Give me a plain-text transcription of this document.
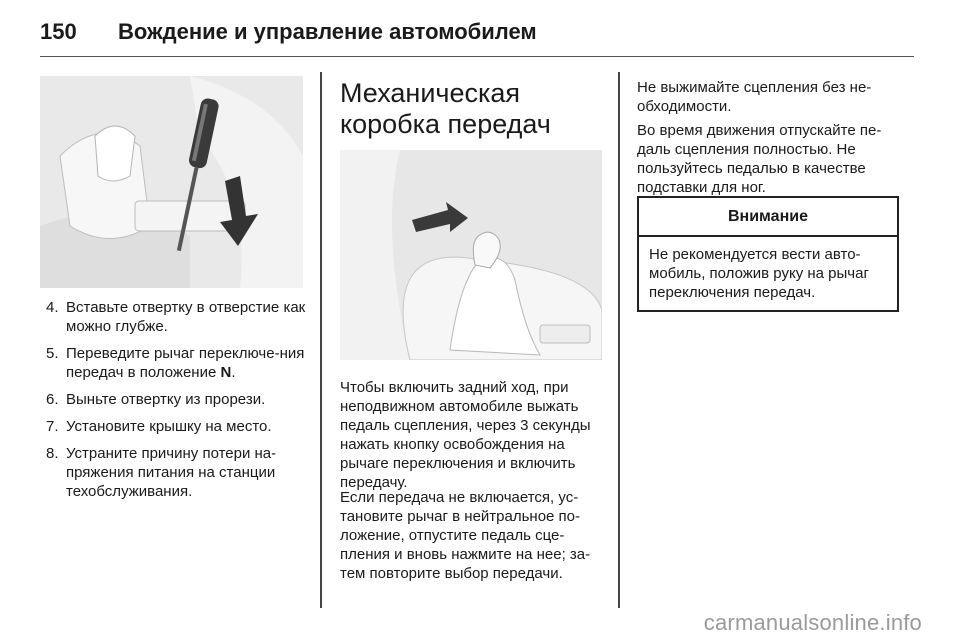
150	Вождение и управление автомобилем
4. Вставьте отвертку в отверстие как можно глубже.
5. Переведите рычаг переключе-ния передач в положение N.
6. Выньте отвертку из прорези.
7. Установите крышку на место.
8. Устраните причину потери на-пряжения питания на станции техобслуживания.
Механическая коробка передач

Чтобы включить задний ход, при неподвижном автомобиле выжать педаль сцепления, через 3 секунды нажать кнопку освобождения на рычаге переключения и включить передачу.

Если передача не включается, ус-тановите рычаг в нейтральное по-ложение, отпустите педаль сце-пления и вновь нажмите на нее; за-тем повторите выбор передачи.

Не выжимайте сцепления без не-обходимости.

Во время движения отпускайте пе-даль сцепления полностью. Не пользуйтесь педалью в качестве подставки для ног.

Внимание
Не рекомендуется вести авто-мобиль, положив руку на рычаг переключения передач.
carmanualsonline.info
